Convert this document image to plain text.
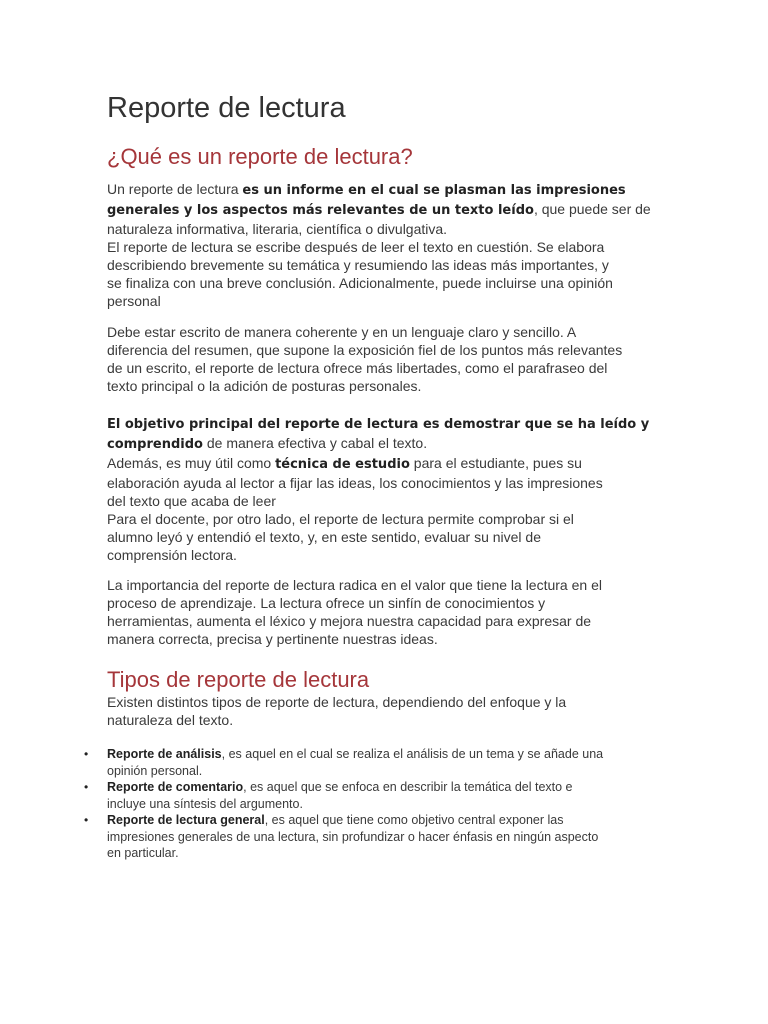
Reporte de lectura
¿Qué es un reporte de lectura?

Un reporte de lectura es un informe en el cual se plasman las impresiones
generales y los aspectos más relevantes de un texto leído, que puede ser de
naturaleza informativa, literaria, científica o divulgativa.
El reporte de lectura se escribe después de leer el texto en cuestión. Se elabora
describiendo brevemente su temática y resumiendo las ideas más importantes, y
se finaliza con una breve conclusión. Adicionalmente, puede incluirse una opinión
personal

Debe estar escrito de manera coherente y en un lenguaje claro y sencillo. A
diferencia del resumen, que supone la exposición fiel de los puntos más relevantes
de un escrito, el reporte de lectura ofrece más libertades, como el parafraseo del
texto principal o la adición de posturas personales.

El objetivo principal del reporte de lectura es demostrar que se ha leído y
comprendido de manera efectiva y cabal el texto.
Además, es muy útil como técnica de estudio para el estudiante, pues su
elaboración ayuda al lector a fijar las ideas, los conocimientos y las impresiones
del texto que acaba de leer
Para el docente, por otro lado, el reporte de lectura permite comprobar si el
alumno leyó y entendió el texto, y, en este sentido, evaluar su nivel de
comprensión lectora.

La importancia del reporte de lectura radica en el valor que tiene la lectura en el
proceso de aprendizaje. La lectura ofrece un sinfín de conocimientos y
herramientas, aumenta el léxico y mejora nuestra capacidad para expresar de
manera correcta, precisa y pertinente nuestras ideas.

Tipos de reporte de lectura

Existen distintos tipos de reporte de lectura, dependiendo del enfoque y la
naturaleza del texto.

• Reporte de análisis, es aquel en el cual se realiza el análisis de un tema y se añade una
opinión personal.
• Reporte de comentario, es aquel que se enfoca en describir la temática del texto e
incluye una síntesis del argumento.
• Reporte de lectura general, es aquel que tiene como objetivo central exponer las
impresiones generales de una lectura, sin profundizar o hacer énfasis en ningún aspecto
en particular.
